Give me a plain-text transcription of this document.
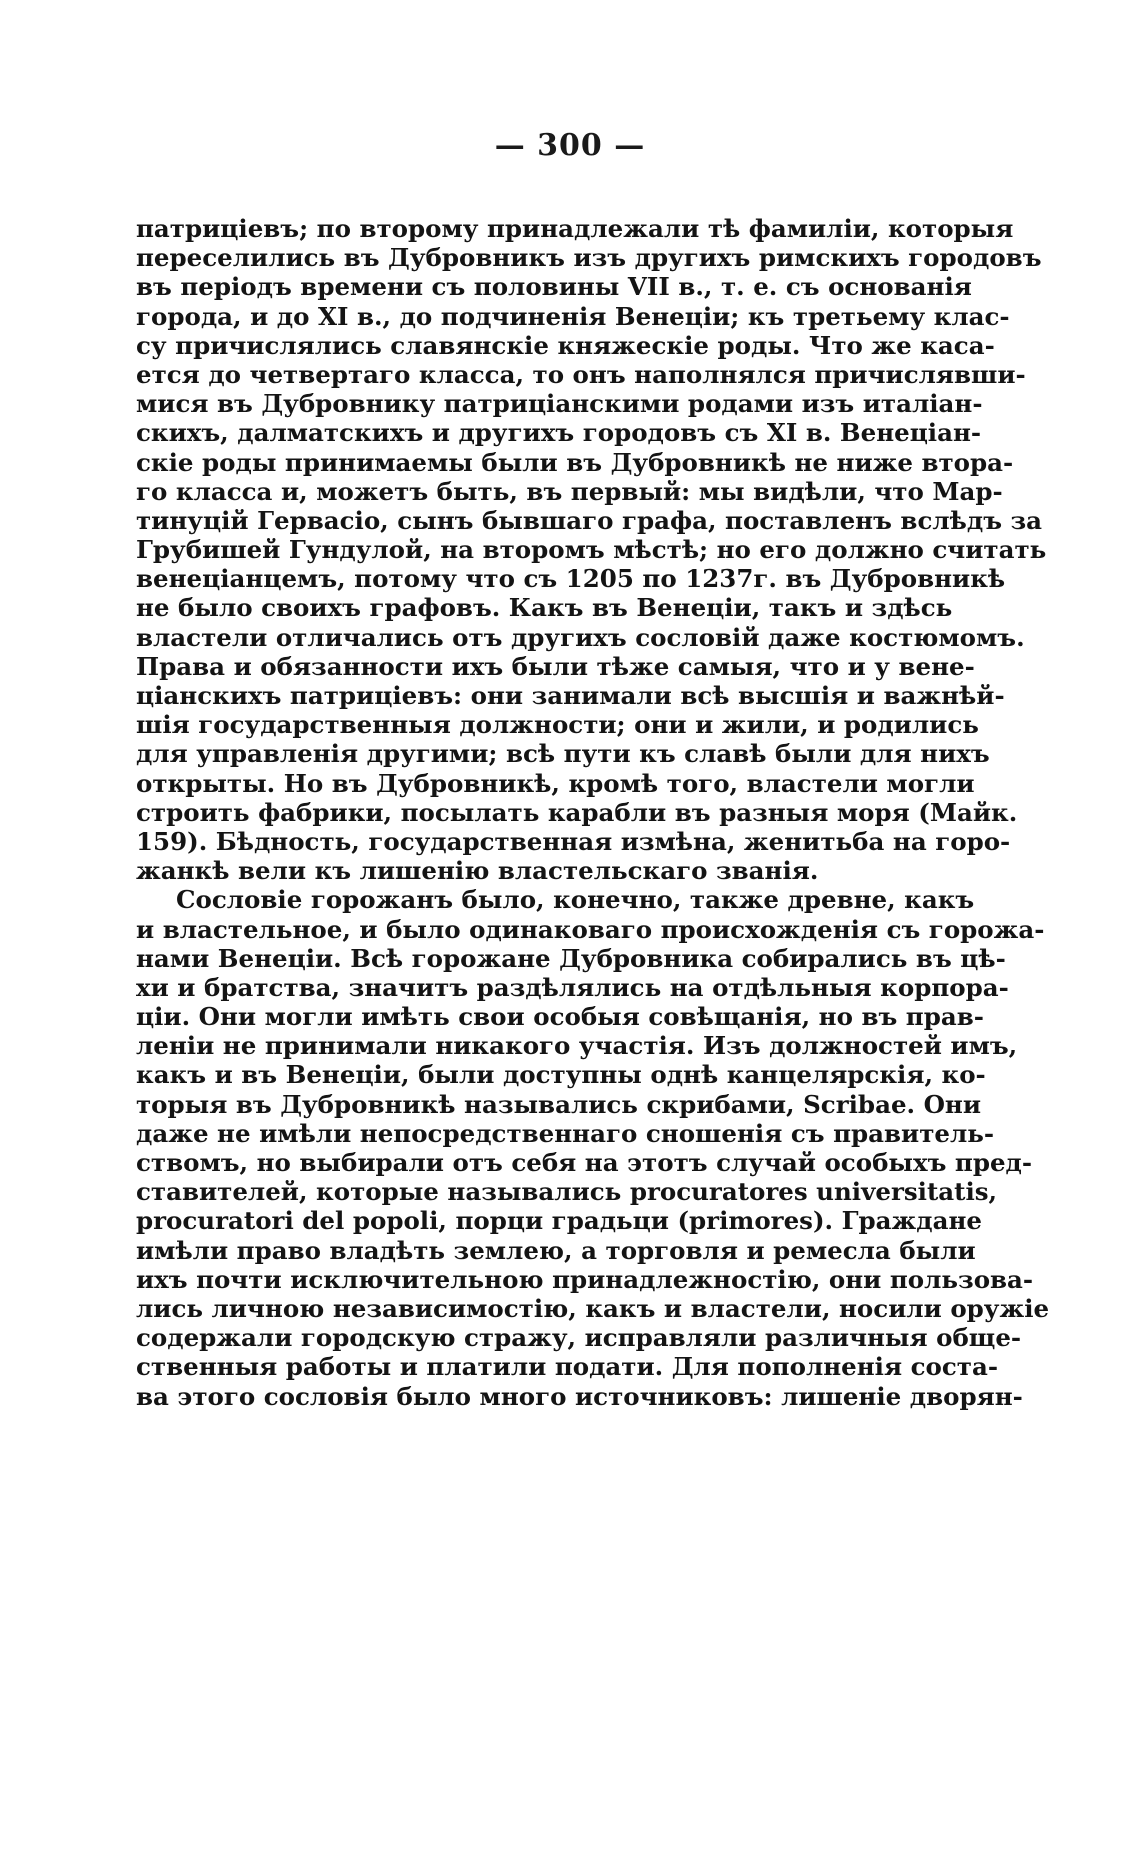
— 300 —
патриціевъ; по второму принадлежали тѣ фамиліи, которыя
переселились въ Дубровникъ изъ другихъ римскихъ городовъ
въ періодъ времени съ половины VII в., т. е. съ основанія
города, и до XI в., до подчиненія Венеціи; къ третьему клас-
су причислялись славянскіе княжескіе роды. Что же каса-
ется до четвертаго класса, то онъ наполнялся причислявши-
мися въ Дубровнику патриціанскими родами изъ италіан-
скихъ, далматскихъ и другихъ городовъ съ XI в. Венеціан-
скіе роды принимаемы были въ Дубровникѣ не ниже втора-
го класса и, можетъ быть, въ первый: мы видѣли, что Мар-
тинуцій Гервасіо, сынъ бывшаго графа, поставленъ вслѣдъ за
Грубишей Гундулой, на второмъ мѣстѣ; но его должно считать
венеціанцемъ, потому что съ 1205 по 1237г. въ Дубровникѣ
не было своихъ графовъ. Какъ въ Венеціи, такъ и здѣсь
властели отличались отъ другихъ сословій даже костюмомъ.
Права и обязанности ихъ были тѣже самыя, что и у вене-
ціанскихъ патриціевъ: они занимали всѣ высшія и важнѣй-
шія государственныя должности; они и жили, и родились
для управленія другими; всѣ пути къ славѣ были для нихъ
открыты. Но въ Дубровникѣ, кромѣ того, властели могли
строить фабрики, посылать карабли въ разныя моря (Майк.
159). Бѣдность, государственная измѣна, женитьба на горо-
жанкѣ вели къ лишенію властельскаго званія.
Сословіе горожанъ было, конечно, также древне, какъ
и властельное, и было одинаковаго происхожденія съ горожа-
нами Венеціи. Всѣ горожане Дубровника собирались въ цѣ-
хи и братства, значитъ раздѣлялись на отдѣльныя корпора-
ціи. Они могли имѣть свои особыя совѣщанія, но въ прав-
леніи не принимали никакого участія. Изъ должностей имъ,
какъ и въ Венеціи, были доступны однѣ канцелярскія, ко-
торыя въ Дубровникѣ назывались скрибами, Scribae. Они
даже не имѣли непосредственнаго сношенія съ правитель-
ствомъ, но выбирали отъ себя на этотъ случай особыхъ пред-
ставителей, которые назывались procuratores universitatis,
procuratori del popoli, порци градьци (primores). Граждане
имѣли право владѣть землею, а торговля и ремесла были
ихъ почти исключительною принадлежностію, они пользова-
лись личною независимостію, какъ и властели, носили оружіе
содержали городскую стражу, исправляли различныя обще-
ственныя работы и платили подати. Для пополненія соста-
ва этого сословія было много источниковъ: лишеніе дворян-
